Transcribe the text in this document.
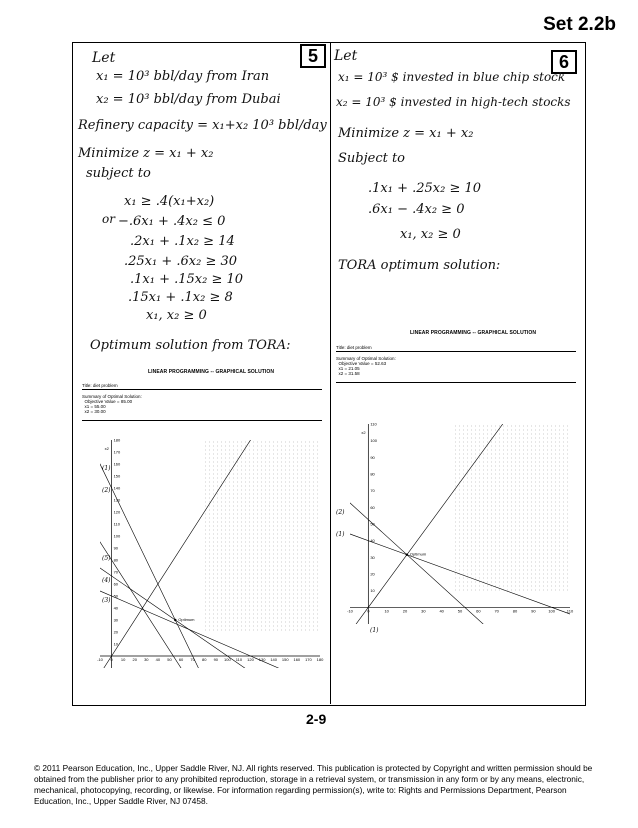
Set 2.2b
5
Let
x₁ = 10³ bbl/day from Iran
x₂ = 10³ bbl/day from Dubai
Refinery capacity = x₁+x₂ 10³ bbl/day
Minimize z = x₁ + x₂
subject to
x₁ ≥ .4(x₁+x₂)
or −.6x₁ + .4x₂ ≤ 0
.2x₁ + .1x₂ ≥ 14
.25x₁ + .6x₂ ≥ 30
.1x₁ + .15x₂ ≥ 10
.15x₁ + .1x₂ ≥ 8
x₁, x₂ ≥ 0
Optimum solution from TORA:
LINEAR PROGRAMMING -- GRAPHICAL SOLUTION
Title: diet problem
Summary of Optimal Solution:
Objective Value = 85.00
x1 = 55.00
x2 = 30.00
-10 0 10 20 30 40 50 60 70 80 90 100 110 120 130 140 150 160 170 180
10
20
30
40
50
60
70
80
90
100
110
120
130
140
150
160
170
180
x2
Optimum
(5)
(4)
(3)
(2)
(1)
6
Let
x₁ = 10³ $ invested in blue chip stock
x₂ = 10³ $ invested in high-tech stocks
Minimize z = x₁ + x₂
Subject to
.1x₁ + .25x₂ ≥ 10
.6x₁ − .4x₂ ≥ 0
x₁, x₂ ≥ 0
TORA optimum solution:
LINEAR PROGRAMMING -- GRAPHICAL SOLUTION
Title: diet problem
Summary of Optimal Solution:
Objective Value = 52.63
x1 = 21.05
x2 = 31.58
-10	0	10	20	30	40	50	60	70	80	90	100	110
10
20
30
40
50
60
70
80
90
100
110
x2
Optimum
(2)
(1)
(1)
2-9
© 2011 Pearson Education, Inc., Upper Saddle River, NJ. All rights reserved. This publication is protected by Copyright and written permission should be obtained from the publisher prior to any prohibited reproduction, storage in a retrieval system, or transmission in any form or by any means, electronic, mechanical, photocopying, recording, or likewise. For information regarding permission(s), write to: Rights and Permissions Department, Pearson Education, Inc., Upper Saddle River, NJ 07458.
